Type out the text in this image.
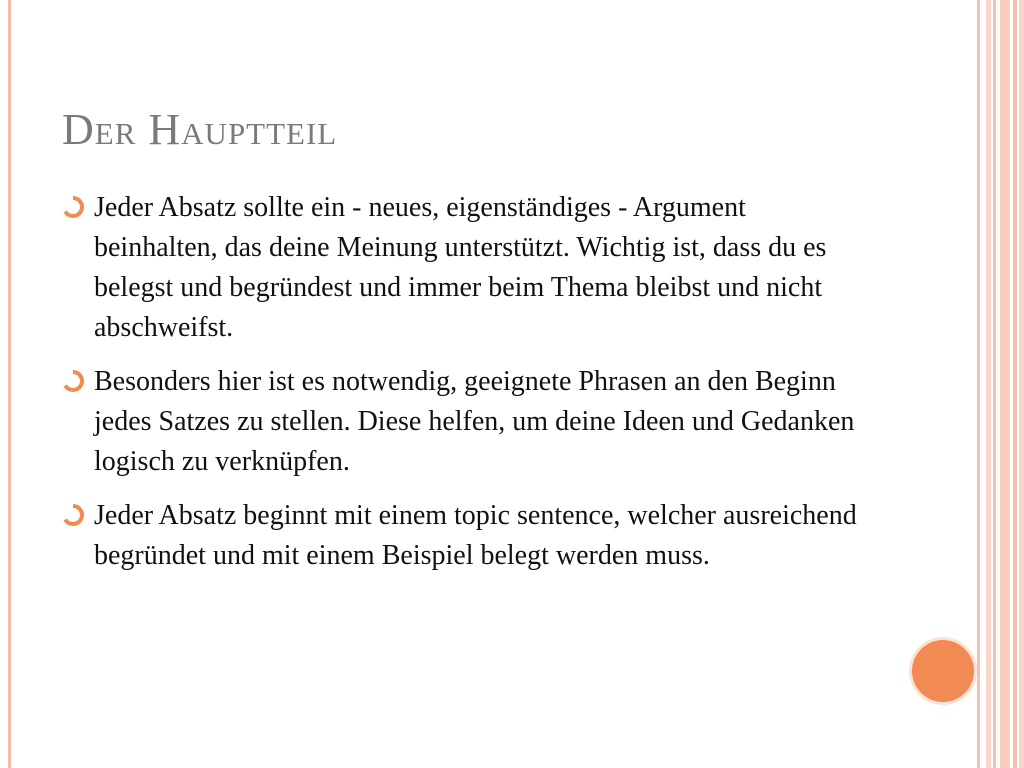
Der Hauptteil
Jeder Absatz sollte ein - neues, eigenständiges - Argument beinhalten, das deine Meinung unterstützt. Wichtig ist, dass du es belegst und begründest und immer beim Thema bleibst und nicht abschweifst.
Besonders hier ist es notwendig, geeignete Phrasen an den Beginn jedes Satzes zu stellen. Diese helfen, um deine Ideen und Gedanken logisch zu verknüpfen.
Jeder Absatz beginnt mit einem topic sentence, welcher ausreichend begründet und mit einem Beispiel belegt werden muss.
